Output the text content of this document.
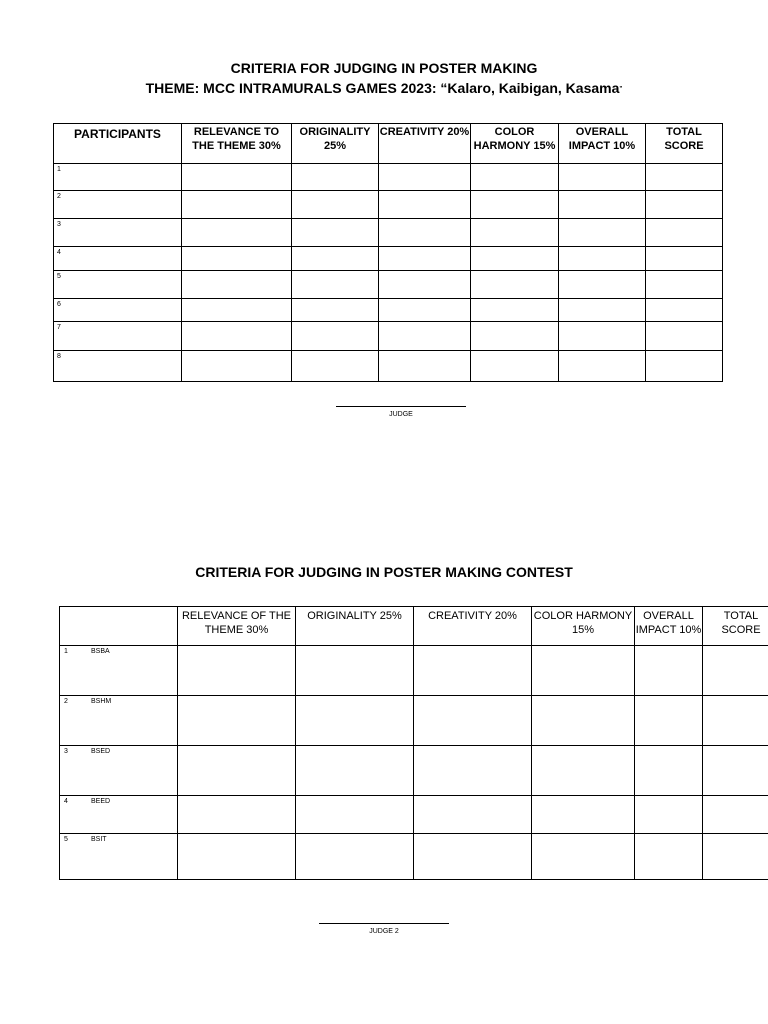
CRITERIA FOR JUDGING IN POSTER MAKING
THEME: MCC INTRAMURALS GAMES 2023: “Kalaro, Kaibigan, Kasama”
PARTICIPANTS	RELEVANCE TO THE THEME 30%	ORIGINALITY 25%	CREATIVITY 20%	COLOR HARMONY 15%	OVERALL IMPACT 10%	TOTAL SCORE
1						
2						
3						
4						
5						
6						
7						
8						
JUDGE
CRITERIA FOR JUDGING IN POSTER MAKING CONTEST
	RELEVANCE OF THE THEME 30%	ORIGINALITY 25%	CREATIVITY 20%	COLOR HARMONY 15%	OVERALL IMPACT 10%	TOTAL SCORE
1 BSBA						
2 BSHM						
3 BSED						
4 BEED						
5 BSIT						
JUDGE 2
